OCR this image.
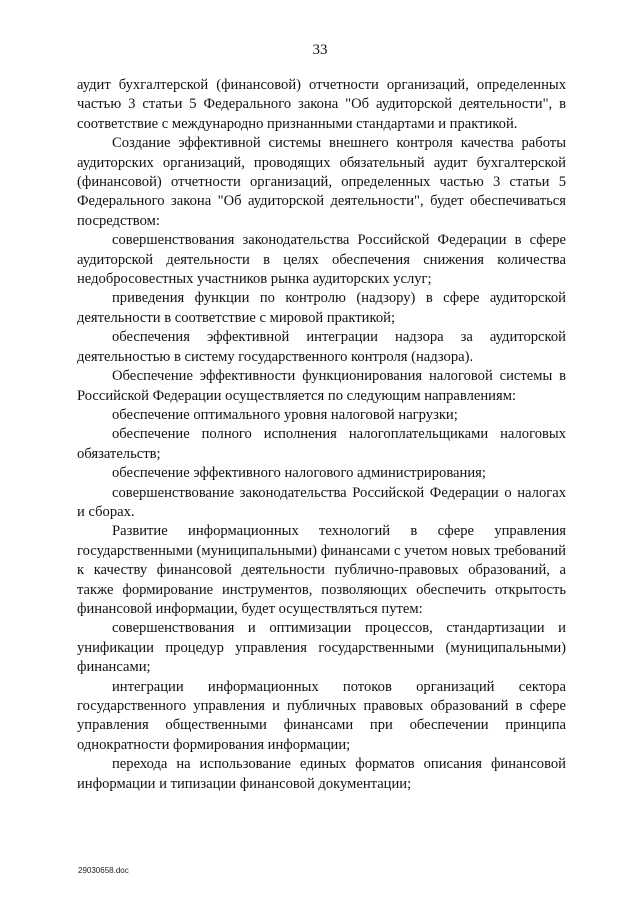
33

аудит бухгалтерской (финансовой) отчетности организаций, определенных частью 3 статьи 5 Федерального закона "Об аудиторской деятельности", в соответствие с международно признанными стандартами и практикой.

Создание эффективной системы внешнего контроля качества работы аудиторских организаций, проводящих обязательный аудит бухгалтерской (финансовой) отчетности организаций, определенных частью 3 статьи 5 Федерального закона "Об аудиторской деятельности", будет обеспечиваться посредством:

совершенствования законодательства Российской Федерации в сфере аудиторской деятельности в целях обеспечения снижения количества недобросовестных участников рынка аудиторских услуг;

приведения функции по контролю (надзору) в сфере аудиторской деятельности в соответствие с мировой практикой;

обеспечения эффективной интеграции надзора за аудиторской деятельностью в систему государственного контроля (надзора).

Обеспечение эффективности функционирования налоговой системы в Российской Федерации осуществляется по следующим направлениям:

обеспечение оптимального уровня налоговой нагрузки;

обеспечение полного исполнения налогоплательщиками налоговых обязательств;

обеспечение эффективного налогового администрирования;

совершенствование законодательства Российской Федерации о налогах и сборах.

Развитие информационных технологий в сфере управления государственными (муниципальными) финансами с учетом новых требований к качеству финансовой деятельности публично-правовых образований, а также формирование инструментов, позволяющих обеспечить открытость финансовой информации, будет осуществляться путем:

совершенствования и оптимизации процессов, стандартизации и унификации процедур управления государственными (муниципальными) финансами;

интеграции информационных потоков организаций сектора государственного управления и публичных правовых образований в сфере управления общественными финансами при обеспечении принципа однократности формирования информации;

перехода на использование единых форматов описания финансовой информации и типизации финансовой документации;

29030658.doc
